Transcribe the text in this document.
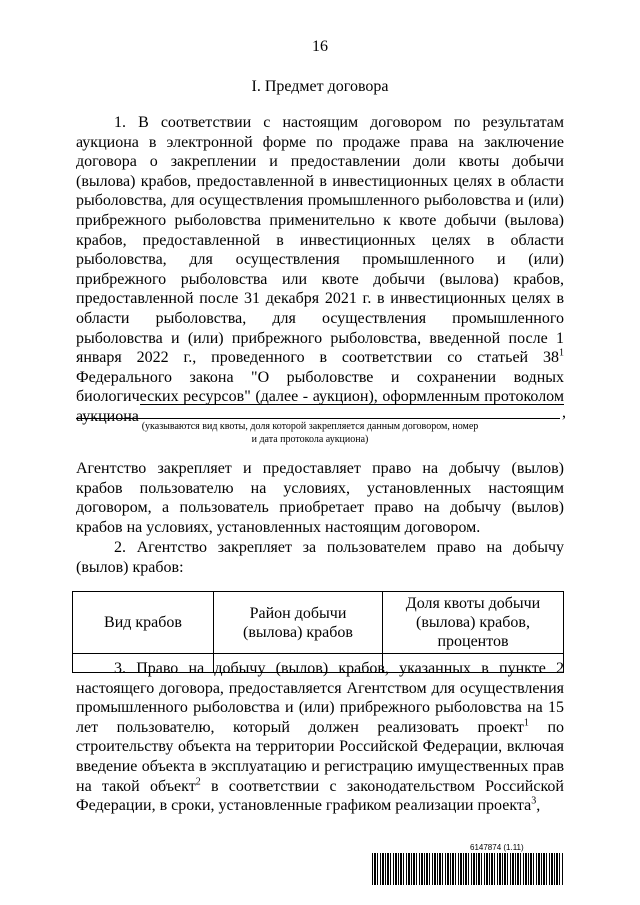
16
I. Предмет договора

1. В соответствии с настоящим договором по результатам аукциона в электронной форме по продаже права на заключение договора о закреплении и предоставлении доли квоты добычи (вылова) крабов, предоставленной в инвестиционных целях в области рыболовства, для осуществления промышленного рыболовства и (или) прибрежного рыболовства применительно к квоте добычи (вылова) крабов, предоставленной в инвестиционных целях в области рыболовства, для осуществления промышленного и (или) прибрежного рыболовства или квоте добычи (вылова) крабов, предоставленной после 31 декабря 2021 г. в инвестиционных целях в области рыболовства, для осуществления промышленного рыболовства и (или) прибрежного рыболовства, введенной после 1 января 2022 г., проведенного в соответствии со статьей $38^1$ Федерального закона "О рыболовстве и сохранении водных биологических ресурсов" (далее - аукцион), оформленным протоколом аукциона	,
(указываются вид квоты, доля которой закрепляется данным договором, номер и дата протокола аукциона)

Агентство закрепляет и предоставляет право на добычу (вылов) крабов пользователю на условиях, установленных настоящим договором, а пользователь приобретает право на добычу (вылов) крабов на условиях, установленных настоящим договором.

2. Агентство закрепляет за пользователем право на добычу (вылов) крабов:

Вид крабов	Район добычи (вылова) крабов	Доля квоты добычи (вылова) крабов, процентов

3. Право на добычу (вылов) крабов, указанных в пункте 2 настоящего договора, предоставляется Агентством для осуществления промышленного рыболовства и (или) прибрежного рыболовства на 15 лет пользователю, который должен реализовать проект$^1$ по строительству объекта на территории Российской Федерации, включая введение объекта в эксплуатацию и регистрацию имущественных прав на такой объект$^2$ в соответствии с законодательством Российской Федерации, в сроки, установленные графиком реализации проекта$^3$,

6147874 (1.11)
